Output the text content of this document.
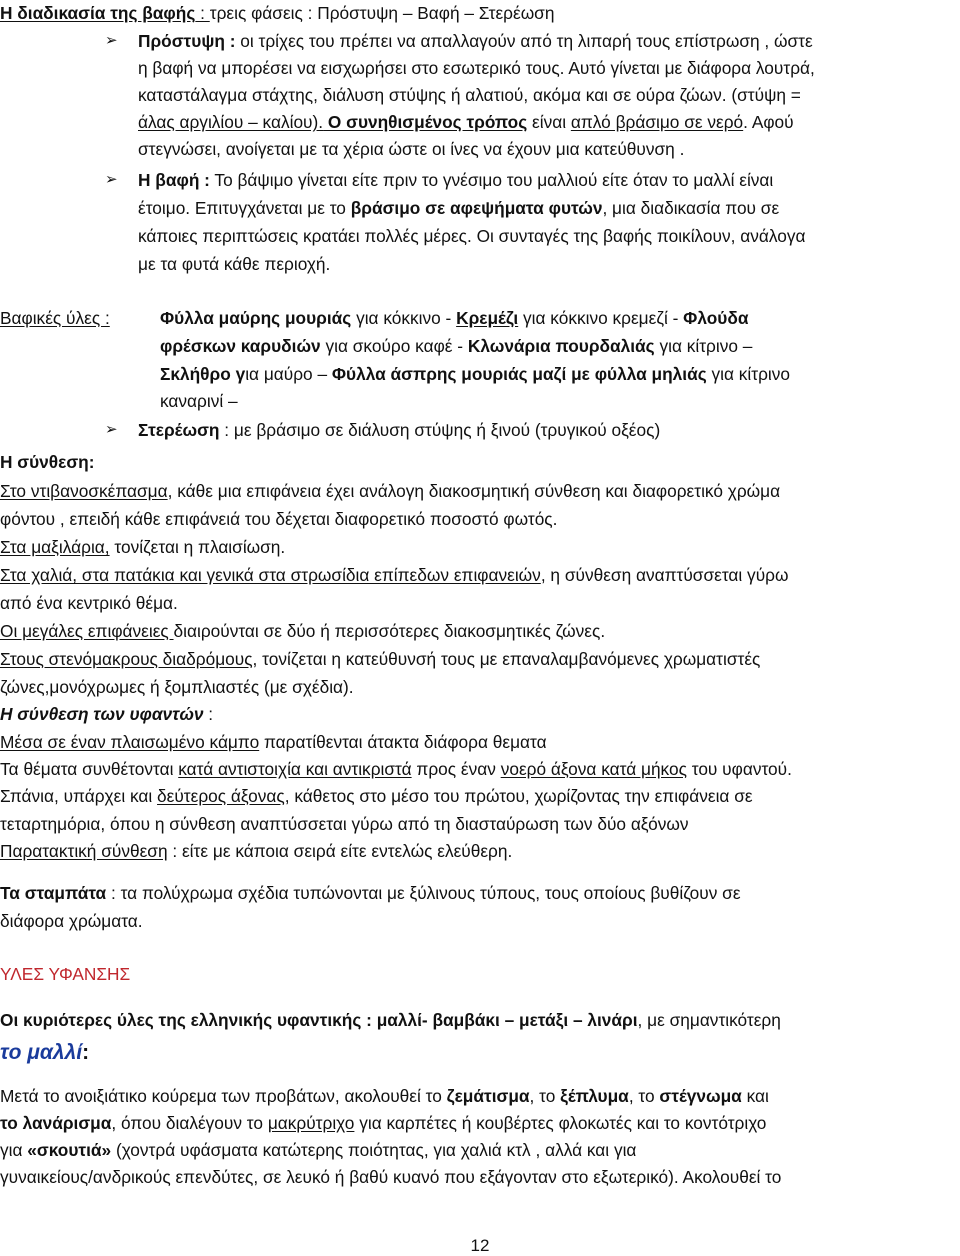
Η διαδικασία της βαφής : τρεις φάσεις : Πρόστυψη – Βαφή – Στερέωση
➢ Πρόστυψη : οι τρίχες του πρέπει να απαλλαγούν από τη λιπαρή τους επίστρωση , ώστε
η βαφή να μπορέσει να εισχωρήσει στο εσωτερικό τους. Αυτό γίνεται με διάφορα λουτρά,
καταστάλαγμα στάχτης, διάλυση στύψης ή αλατιού, ακόμα και σε ούρα ζώων. (στύψη =
άλας αργιλίου – καλίου). Ο συνηθισμένος τρόπος είναι απλό βράσιμο σε νερό. Αφού
στεγνώσει, ανοίγεται με τα χέρια ώστε οι ίνες να έχουν μια κατεύθυνση .
➢ Η βαφή : Το βάψιμο γίνεται είτε πριν το γνέσιμο του μαλλιού είτε όταν το μαλλί είναι
έτοιμο. Επιτυγχάνεται με το βράσιμο σε αφεψήματα φυτών, μια διαδικασία που σε
κάποιες περιπτώσεις κρατάει πολλές μέρες. Οι συνταγές της βαφής ποικίλουν, ανάλογα
με τα φυτά κάθε περιοχή.
Βαφικές ύλες :	Φύλλα μαύρης μουριάς για κόκκινο - Κρεμέζι για κόκκινο κρεμεζί - Φλούδα
φρέσκων καρυδιών για σκούρο καφέ - Κλωνάρια πουρδαλιάς για κίτρινο –
Σκλήθρο για μαύρο – Φύλλα άσπρης μουριάς μαζί με φύλλα μηλιάς για κίτρινο
καναρινί –
➢ Στερέωση : με βράσιμο σε διάλυση στύψης ή ξινού (τρυγικού οξέος)
Η σύνθεση:
Στο ντιβανοσκέπασμα, κάθε μια επιφάνεια έχει ανάλογη διακοσμητική σύνθεση και διαφορετικό χρώμα
φόντου , επειδή κάθε επιφάνειά του δέχεται διαφορετικό ποσοστό φωτός.
Στα μαξιλάρια, τονίζεται η πλαισίωση.
Στα χαλιά, στα πατάκια και γενικά στα στρωσίδια επίπεδων επιφανειών, η σύνθεση αναπτύσσεται γύρω
από ένα κεντρικό θέμα.
Οι μεγάλες επιφάνειες διαιρούνται σε δύο ή περισσότερες διακοσμητικές ζώνες.
Στους στενόμακρους διαδρόμους, τονίζεται η κατεύθυνσή τους με επαναλαμβανόμενες χρωματιστές
ζώνες,μονόχρωμες ή ξομπλιαστές (με σχέδια).
Η σύνθεση των υφαντών :
Μέσα σε έναν πλαισωμένο κάμπο παρατίθενται άτακτα διάφορα θεματα
Τα θέματα συνθέτονται κατά αντιστοιχία και αντικριστά προς έναν νοερό άξονα κατά μήκος του υφαντού.
Σπάνια, υπάρχει και δεύτερος άξονας, κάθετος στο μέσο του πρώτου, χωρίζοντας την επιφάνεια σε
τεταρτημόρια, όπου η σύνθεση αναπτύσσεται γύρω από τη διασταύρωση των δύο αξόνων
Παρατακτική σύνθεση : είτε με κάποια σειρά είτε εντελώς ελεύθερη.
Τα σταμπάτα : τα πολύχρωμα σχέδια τυπώνονται με ξύλινους τύπους, τους οποίους βυθίζουν σε
διάφορα χρώματα.
ΥΛΕΣ ΥΦΑΝΣΗΣ
Οι κυριότερες ύλες της ελληνικής υφαντικής : μαλλί- βαμβάκι – μετάξι – λινάρι, με σημαντικότερη
το μαλλί:
Μετά το ανοιξιάτικο κούρεμα των προβάτων, ακολουθεί το ζεμάτισμα, το ξέπλυμα, το στέγνωμα και
το λανάρισμα, όπου διαλέγουν το μακρύτριχο για καρπέτες ή κουβέρτες φλοκωτές και το κοντότριχο
για «σκουτιά» (χοντρά υφάσματα κατώτερης ποιότητας, για χαλιά κτλ , αλλά και για
γυναικείους/ανδρικούς επενδύτες, σε λευκό ή βαθύ κυανό που εξάγονταν στο εξωτερικό). Ακολουθεί το
12
